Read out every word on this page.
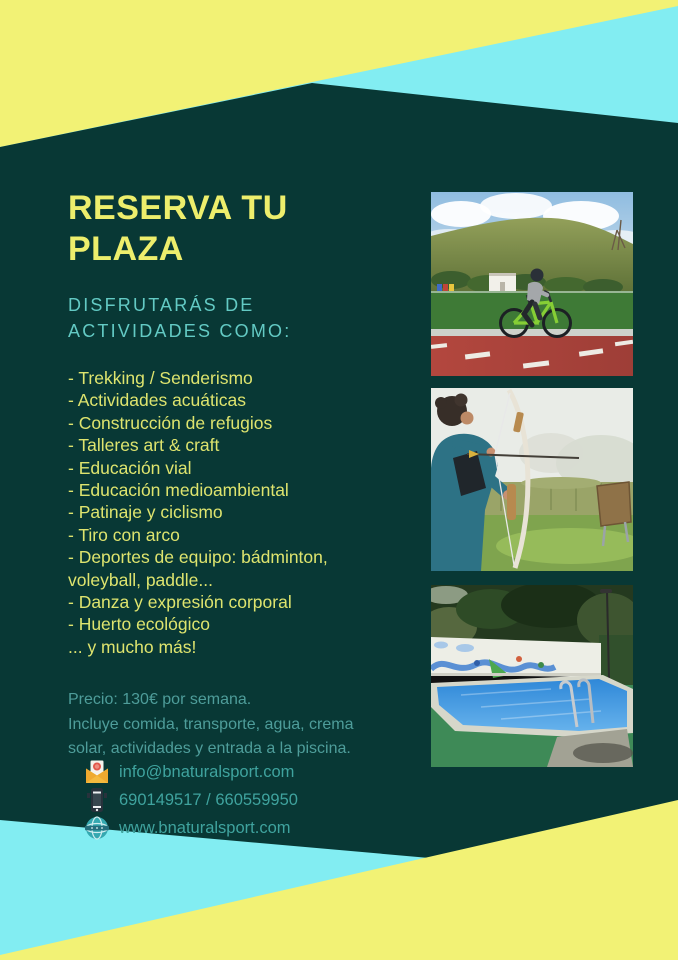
RESERVA TU PLAZA
DISFRUTARÁS DE ACTIVIDADES COMO:
- Trekking / Senderismo
- Actividades acuáticas
- Construcción de refugios
- Talleres art & craft
- Educación vial
- Educación medioambiental
- Patinaje y ciclismo
- Tiro con arco
- Deportes de equipo: bádminton,
voleyball, paddle...
- Danza y expresión corporal
- Huerto ecológico
... y mucho más!
Precio: 130€ por semana.
Incluye comida, transporte, agua, crema
solar, actividades y entrada a la piscina.
info@bnaturalsport.com
690149517 / 660559950
www.bnaturalsport.com
